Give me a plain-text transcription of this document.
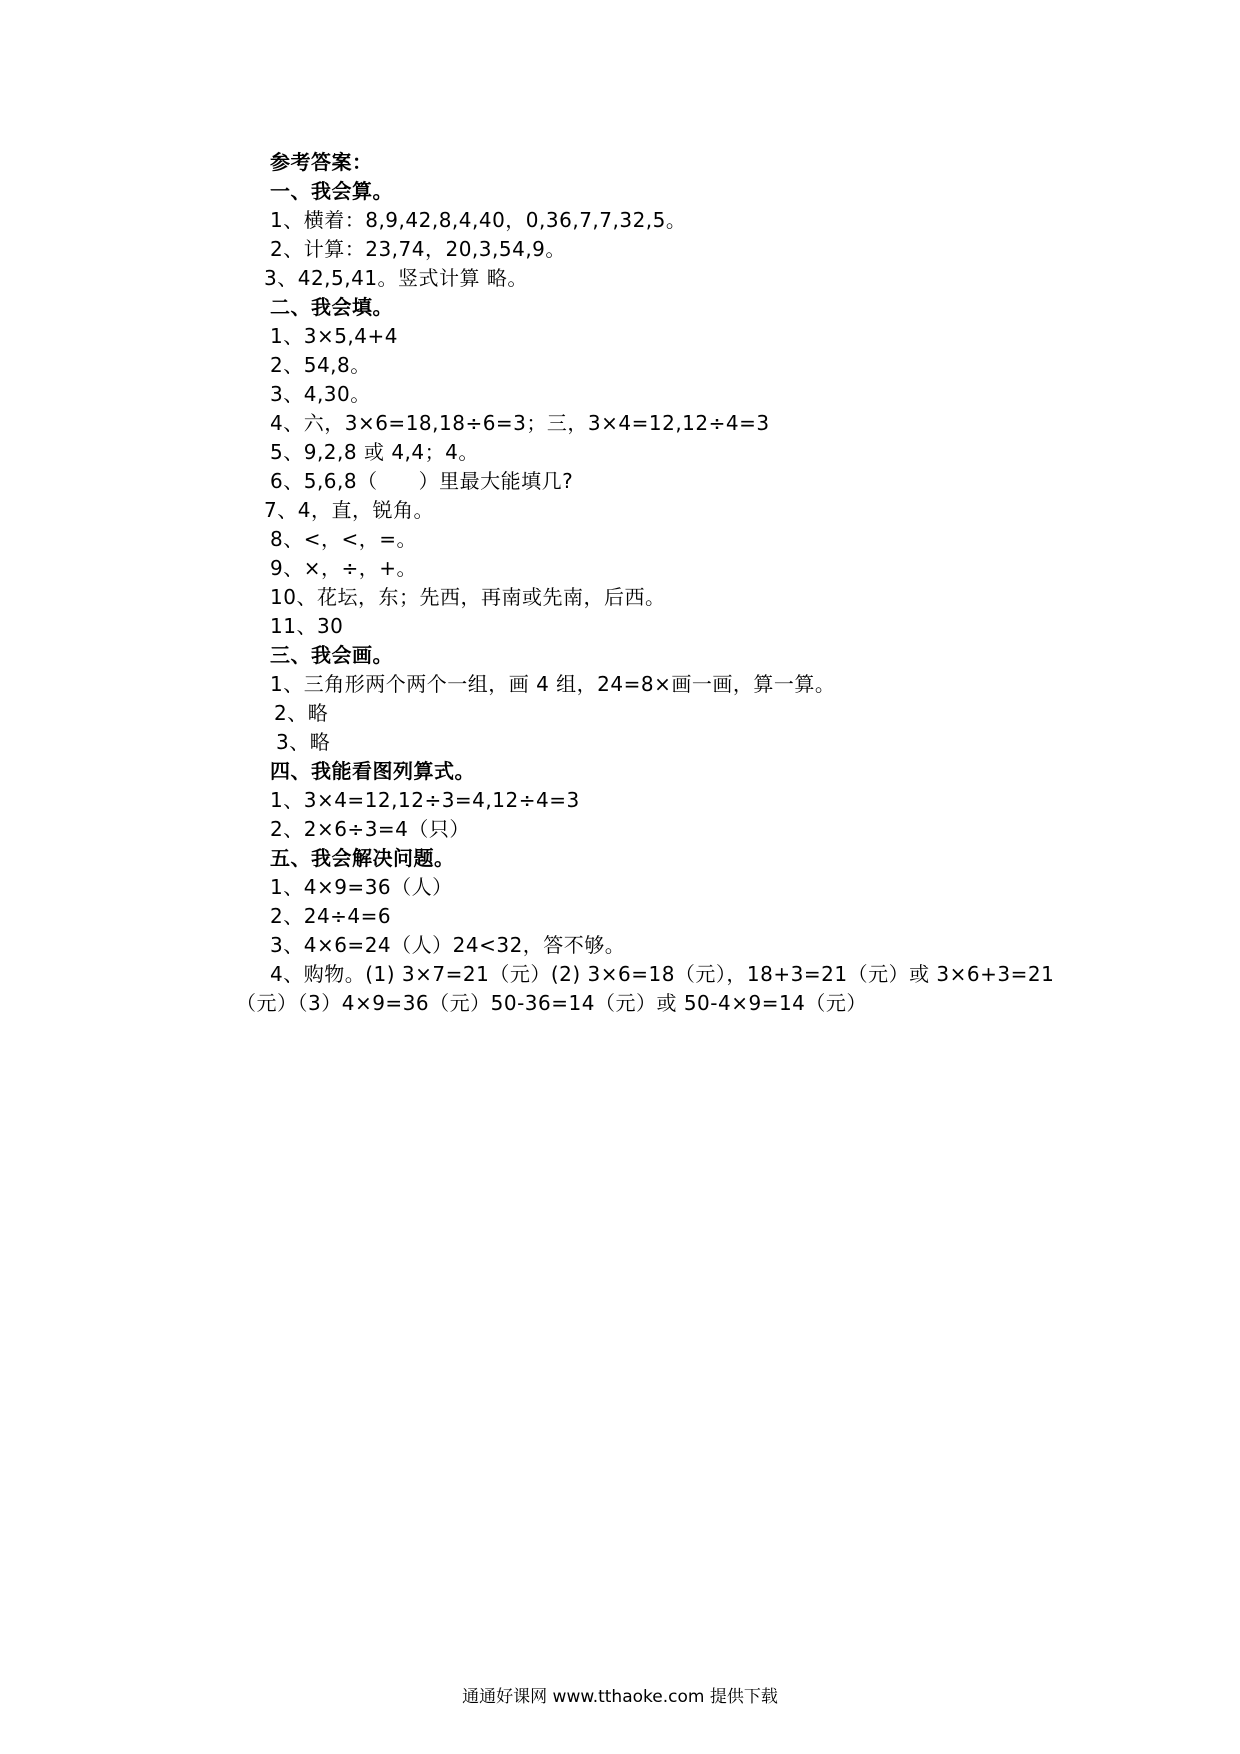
参考答案：
一、我会算。
1、横着：8,9,42,8,4,40，0,36,7,7,32,5。
2、计算：23,74，20,3,54,9。
3、42,5,41。竖式计算 略。
二、我会填。
1、3×5,4+4
2、54,8。
3、4,30。
4、六，3×6=18,18÷6=3；三，3×4=12,12÷4=3
5、9,2,8 或 4,4；4。
6、5,6,8（　　）里最大能填几?
7、4，直，锐角。
8、<，<，=。
9、×，÷，+。
10、花坛，东；先西，再南或先南，后西。
11、30
三、我会画。
1、三角形两个两个一组，画 4 组，24=8×画一画，算一算。
2、略
3、略
四、我能看图列算式。
1、3×4=12,12÷3=4,12÷4=3
2、2×6÷3=4（只）
五、我会解决问题。
1、4×9=36（人）
2、24÷4=6
3、4×6=24（人）24<32，答不够。
4、购物。(1) 3×7=21（元）(2) 3×6=18（元），18+3=21（元）或 3×6+3=21
（元）（3）4×9=36（元）50-36=14（元）或 50-4×9=14（元）
通通好课网 www.tthaoke.com 提供下载
